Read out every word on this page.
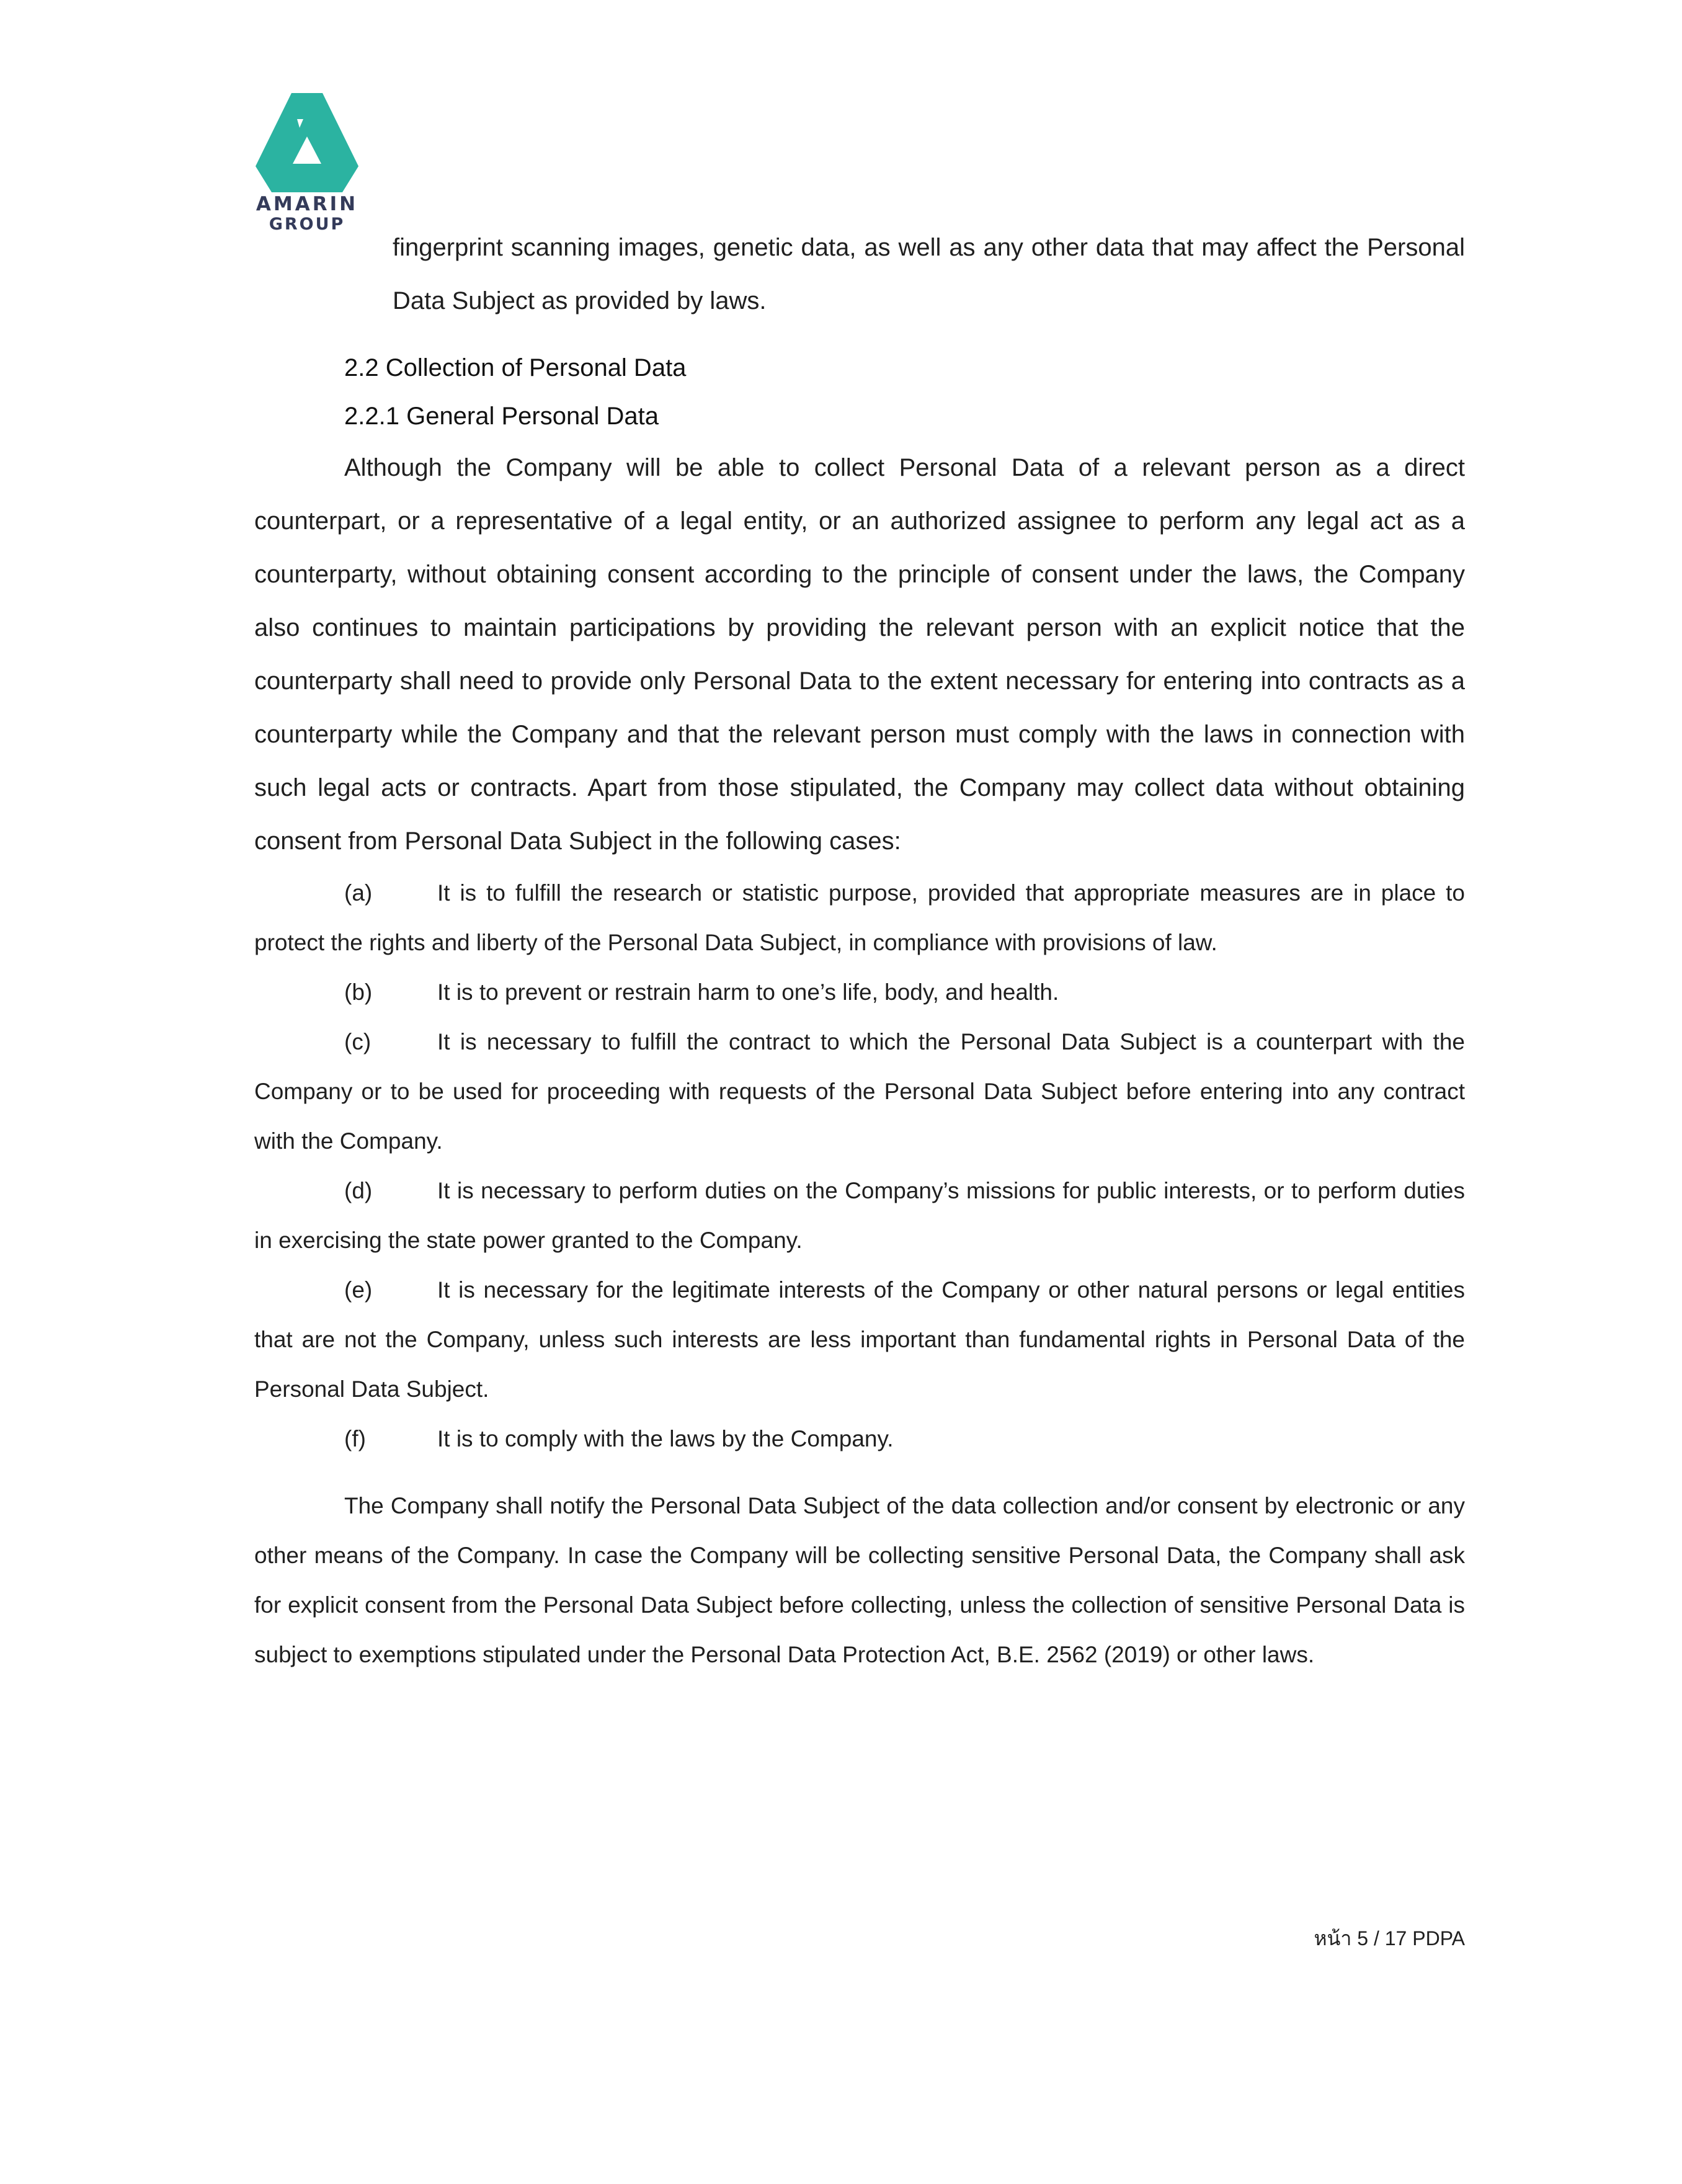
AMARIN
GROUP

fingerprint scanning images, genetic data, as well as any other data that may affect the Personal Data Subject as provided by laws.

2.2 Collection of Personal Data

2.2.1 General Personal Data

Although the Company will be able to collect Personal Data of a relevant person as a direct counterpart, or a representative of a legal entity, or an authorized assignee to perform any legal act as a counterparty, without obtaining consent according to the principle of consent under the laws, the Company also continues to maintain participations by providing the relevant person with an explicit notice that the counterparty shall need to provide only Personal Data to the extent necessary for entering into contracts as a counterparty while the Company and that the relevant person must comply with the laws in connection with such legal acts or contracts. Apart from those stipulated, the Company may collect data without obtaining consent from Personal Data Subject in the following cases:

(a)	It is to fulfill the research or statistic purpose, provided that appropriate measures are in place to protect the rights and liberty of the Personal Data Subject, in compliance with provisions of law.

(b)	It is to prevent or restrain harm to one’s life, body, and health.

(c)	It is necessary to fulfill the contract to which the Personal Data Subject is a counterpart with the Company or to be used for proceeding with requests of the Personal Data Subject before entering into any contract with the Company.

(d)	It is necessary to perform duties on the Company’s missions for public interests, or to perform duties in exercising the state power granted to the Company.

(e)	It is necessary for the legitimate interests of the Company or other natural persons or legal entities that are not the Company, unless such interests are less important than fundamental rights in Personal Data of the Personal Data Subject.

(f)	It is to comply with the laws by the Company.

The Company shall notify the Personal Data Subject of the data collection and/or consent by electronic or any other means of the Company. In case the Company will be collecting sensitive Personal Data, the Company shall ask for explicit consent from the Personal Data Subject before collecting, unless the collection of sensitive Personal Data is subject to exemptions stipulated under the Personal Data Protection Act, B.E. 2562 (2019) or other laws.

หน้า 5 / 17 PDPA
